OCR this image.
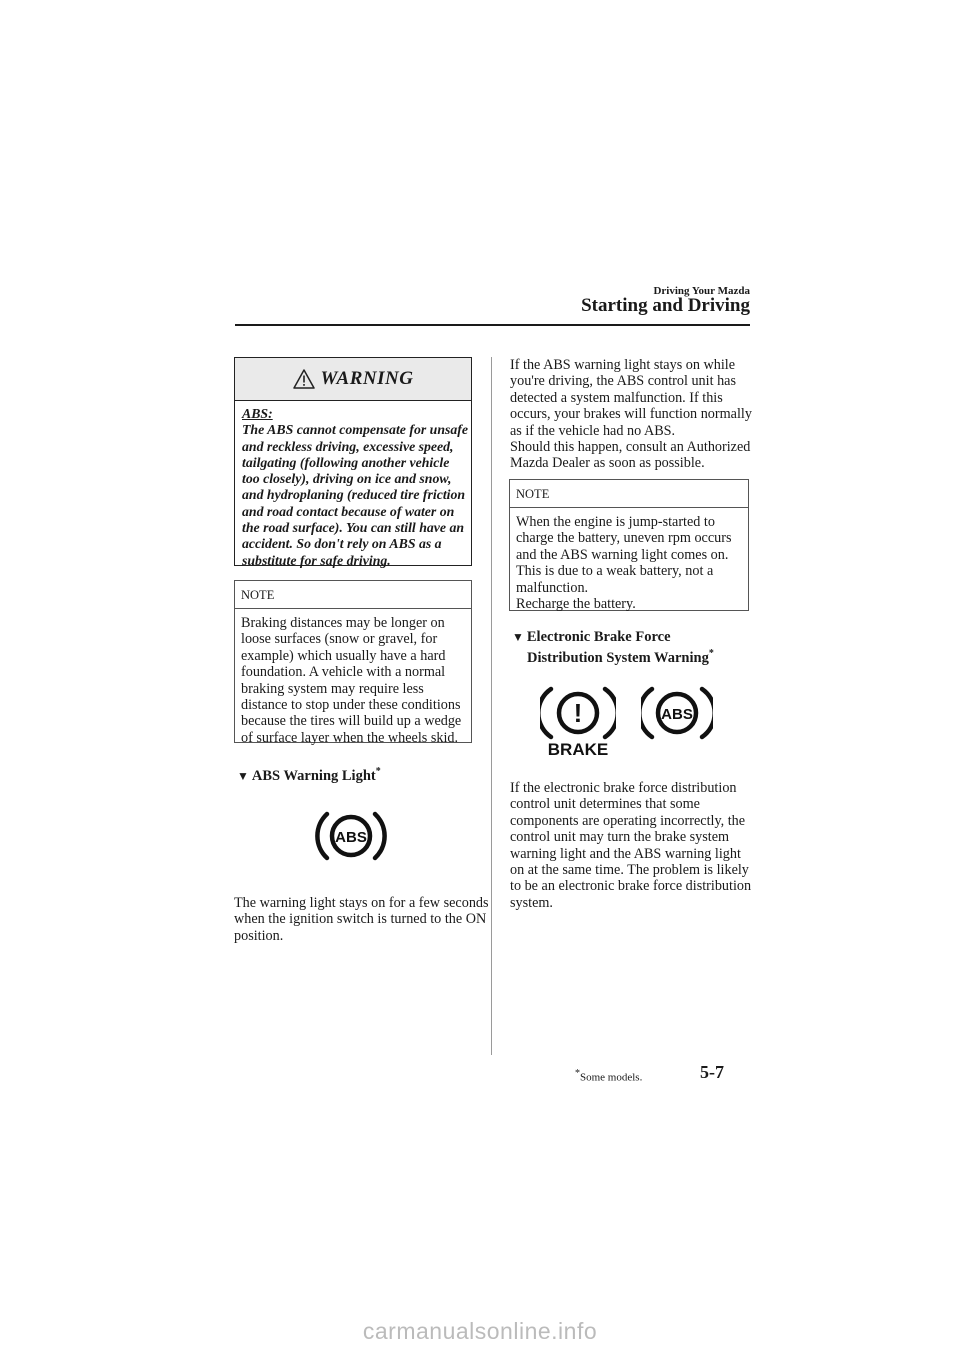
Driving Your Mazda
Starting and Driving
WARNING
ABS:
The ABS cannot compensate for unsafe and reckless driving, excessive speed, tailgating (following another vehicle too closely), driving on ice and snow, and hydroplaning (reduced tire friction and road contact because of water on the road surface). You can still have an accident. So don't rely on ABS as a substitute for safe driving.
NOTE
Braking distances may be longer on loose surfaces (snow or gravel, for example) which usually have a hard foundation. A vehicle with a normal braking system may require less distance to stop under these conditions because the tires will build up a wedge of surface layer when the wheels skid.
▼ ABS Warning Light*
ABS
The warning light stays on for a few seconds when the ignition switch is turned to the ON position.
If the ABS warning light stays on while you're driving, the ABS control unit has detected a system malfunction. If this occurs, your brakes will function normally as if the vehicle had no ABS.
Should this happen, consult an Authorized Mazda Dealer as soon as possible.
NOTE
When the engine is jump-started to charge the battery, uneven rpm occurs and the ABS warning light comes on. This is due to a weak battery, not a malfunction.
Recharge the battery.
▼ Electronic Brake Force
Distribution System Warning*
!
BRAKE
ABS
If the electronic brake force distribution control unit determines that some components are operating incorrectly, the control unit may turn the brake system warning light and the ABS warning light on at the same time. The problem is likely to be an electronic brake force distribution system.
*Some models.	5-7
carmanualsonline.info
